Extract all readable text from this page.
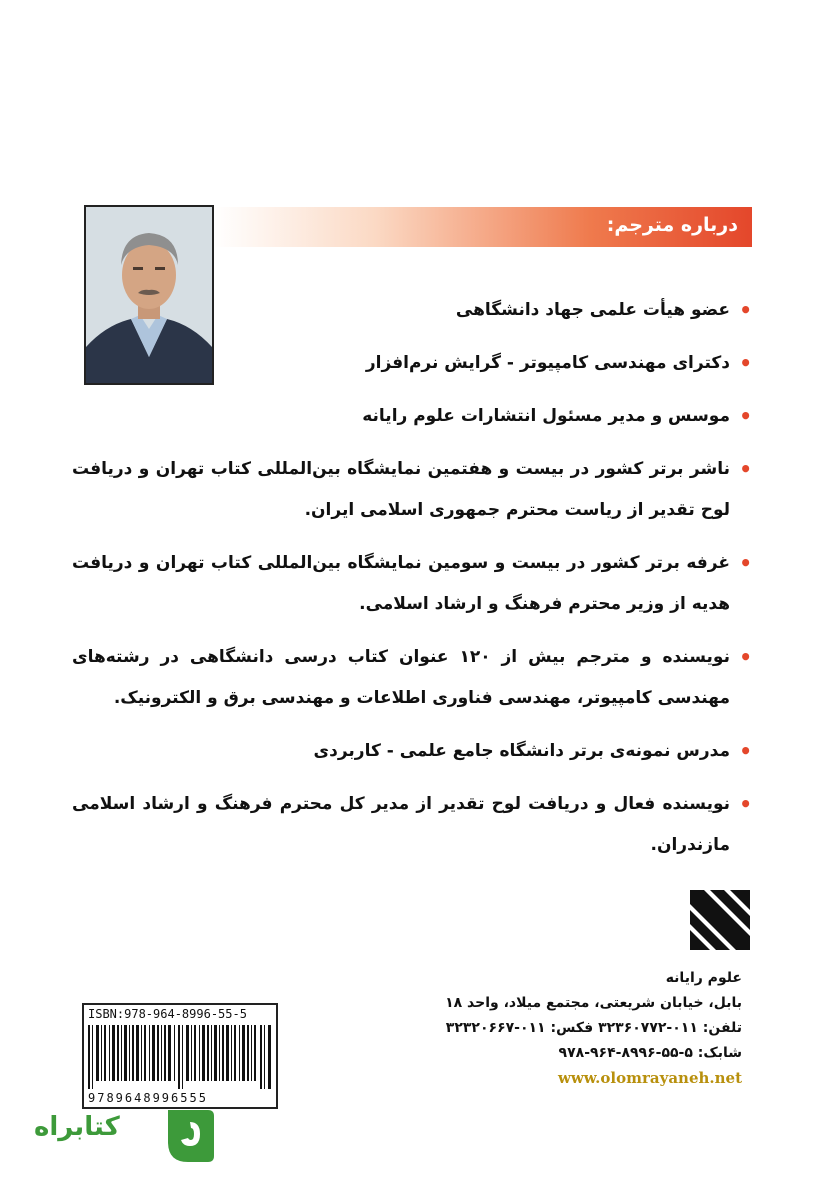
درباره مترجم:
•
عضو هیأت علمی جهاد دانشگاهی
•
دکترای مهندسی کامپیوتر - گرایش نرم‌افزار
•
موسس و مدیر مسئول انتشارات علوم رایانه
•
ناشر برتر کشور در بیست و هفتمین نمایشگاه بین‌المللی کتاب تهران و دریافت لوح تقدیر از ریاست محترم جمهوری اسلامی ایران.
•
غرفه برتر کشور در بیست و سومین نمایشگاه بین‌المللی کتاب تهران و دریافت هدیه از وزیر محترم فرهنگ و ارشاد اسلامی.
•
نویسنده و مترجم بیش از ۱۲۰ عنوان کتاب درسی دانشگاهی در رشته‌های مهندسی کامپیوتر، مهندسی فناوری اطلاعات و مهندسی برق و الکترونیک.
•
مدرس نمونه‌ی برتر دانشگاه جامع علمی - کاربردی
•
نویسنده فعال و دریافت لوح تقدیر از مدیر کل محترم فرهنگ و ارشاد اسلامی مازندران.
علوم رایانه
بابل، خیابان شریعتی، مجتمع میلاد، واحد ۱۸
تلفن: ۰۱۱-۳۲۳۶۰۷۷۲ فکس: ۰۱۱-۳۲۳۲۰۶۶۷
شابک: ۵-۵۵-۸۹۹۶-۹۶۴-۹۷۸
www.olomrayaneh.net
ISBN:978-964-8996-55-5
9789648996555
کتابراه
